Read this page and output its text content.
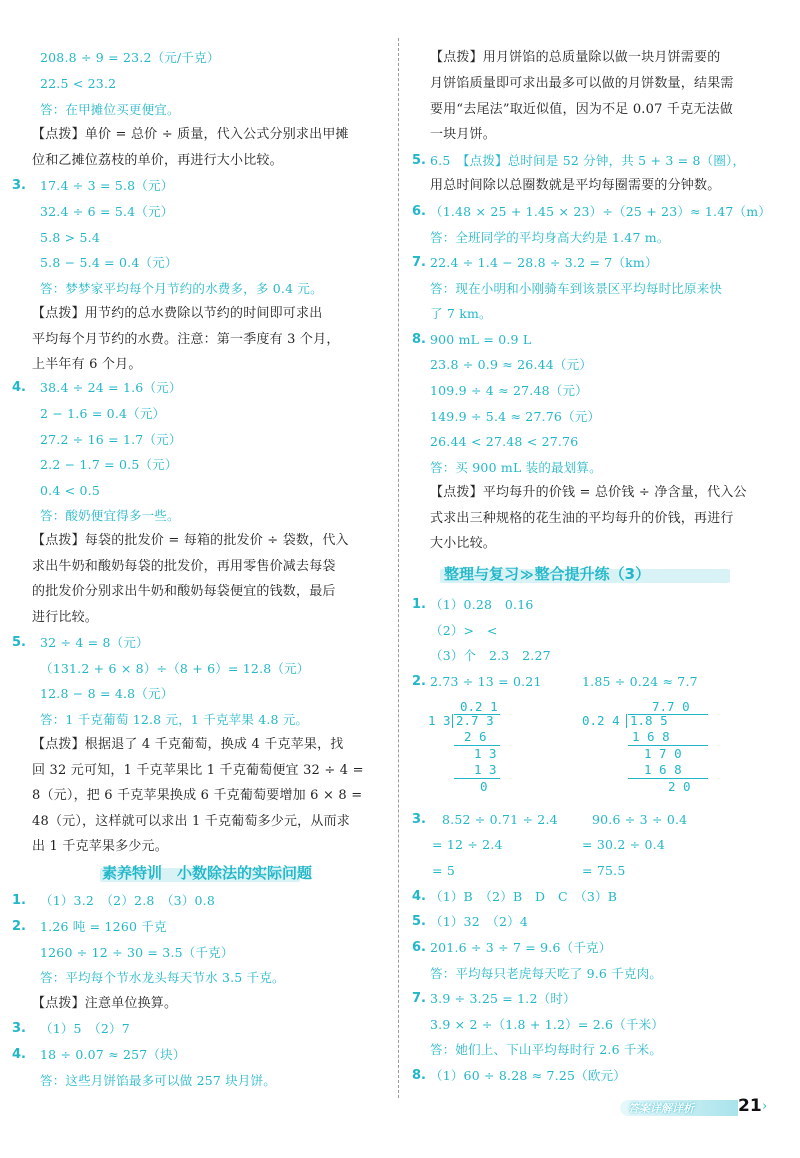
208.8 ÷ 9 = 23.2（元/千克）
22.5 < 23.2
答：在甲摊位买更便宜。
【点拨】单价 = 总价 ÷ 质量，代入公式分别求出甲摊
位和乙摊位荔枝的单价，再进行大小比较。
3. 17.4 ÷ 3 = 5.8（元）
32.4 ÷ 6 = 5.4（元）
5.8 > 5.4
5.8 − 5.4 = 0.4（元）
答：梦梦家平均每个月节约的水费多，多 0.4 元。
【点拨】用节约的总水费除以节约的时间即可求出
平均每个月节约的水费。注意：第一季度有 3 个月，
上半年有 6 个月。
4. 38.4 ÷ 24 = 1.6（元）
2 − 1.6 = 0.4（元）
27.2 ÷ 16 = 1.7（元）
2.2 − 1.7 = 0.5（元）
0.4 < 0.5
答：酸奶便宜得多一些。
【点拨】每袋的批发价 = 每箱的批发价 ÷ 袋数，代入
求出牛奶和酸奶每袋的批发价，再用零售价减去每袋
的批发价分别求出牛奶和酸奶每袋便宜的钱数，最后
进行比较。
5. 32 ÷ 4 = 8（元）
（131.2 + 6 × 8）÷（8 + 6）= 12.8（元）
12.8 − 8 = 4.8（元）
答：1 千克葡萄 12.8 元，1 千克苹果 4.8 元。
【点拨】根据退了 4 千克葡萄，换成 4 千克苹果，找
回 32 元可知，1 千克苹果比 1 千克葡萄便宜 32 ÷ 4 =
8（元），把 6 千克苹果换成 6 千克葡萄要增加 6 × 8 =
48（元），这样就可以求出 1 千克葡萄多少元，从而求
出 1 千克苹果多少元。
素养特训　小数除法的实际问题
1. （1）3.2　（2）2.8　（3）0.8
2. 1.26 吨 = 1260 千克
1260 ÷ 12 ÷ 30 = 3.5（千克）
答：平均每个节水龙头每天节水 3.5 千克。
【点拨】注意单位换算。
3. （1）5　（2）7
4. 18 ÷ 0.07 ≈ 257（块）
答：这些月饼馅最多可以做 257 块月饼。
【点拨】用月饼馅的总质量除以做一块月饼需要的
月饼馅质量即可求出最多可以做的月饼数量，结果需
要用“去尾法”取近似值，因为不足 0.07 千克无法做
一块月饼。
5. 6.5　【点拨】总时间是 52 分钟，共 5 + 3 = 8（圈），
用总时间除以总圈数就是平均每圈需要的分钟数。
6. （1.48 × 25 + 1.45 × 23）÷（25 + 23）≈ 1.47（m）
答：全班同学的平均身高大约是 1.47 m。
7. 22.4 ÷ 1.4 − 28.8 ÷ 3.2 = 7（km）
答：现在小明和小刚骑车到该景区平均每时比原来快
了 7 km。
8. 900 mL = 0.9 L
23.8 ÷ 0.9 ≈ 26.44（元）
109.9 ÷ 4 ≈ 27.48（元）
149.9 ÷ 5.4 ≈ 27.76（元）
26.44 < 27.48 < 27.76
答：买 900 mL 装的最划算。
【点拨】平均每升的价钱 = 总价钱 ÷ 净含量，代入公
式求出三种规格的花生油的平均每升的价钱，再进行
大小比较。
整理与复习≫整合提升练（3）
1. （1）0.28　0.16
（2）>　<
（3）个　2.3　2.27
2. 2.73 ÷ 13 = 0.21	1.85 ÷ 0.24 ≈ 7.7
0.2 1
1 3 2.7 3
2 6
1 3
1 3
0
7.7 0
0.2 4 1.8 5
1 6 8
1 7 0
1 6 8
2 0
3. 8.52 ÷ 0.71 ÷ 2.4
= 12 ÷ 2.4
= 5
90.6 ÷ 3 ÷ 0.4
= 30.2 ÷ 0.4
= 75.5
4. （1）B　（2）B　D　C　（3）B
5. （1）32　（2）4
6. 201.6 ÷ 3 ÷ 7 = 9.6（千克）
答：平均每只老虎每天吃了 9.6 千克肉。
7. 3.9 ÷ 3.25 = 1.2（时）
3.9 × 2 ÷（1.8 + 1.2）= 2.6（千米）
答：她们上、下山平均每时行 2.6 千米。
8. （1）60 ÷ 8.28 ≈ 7.25（欧元）
答案详解详析	21 ›
